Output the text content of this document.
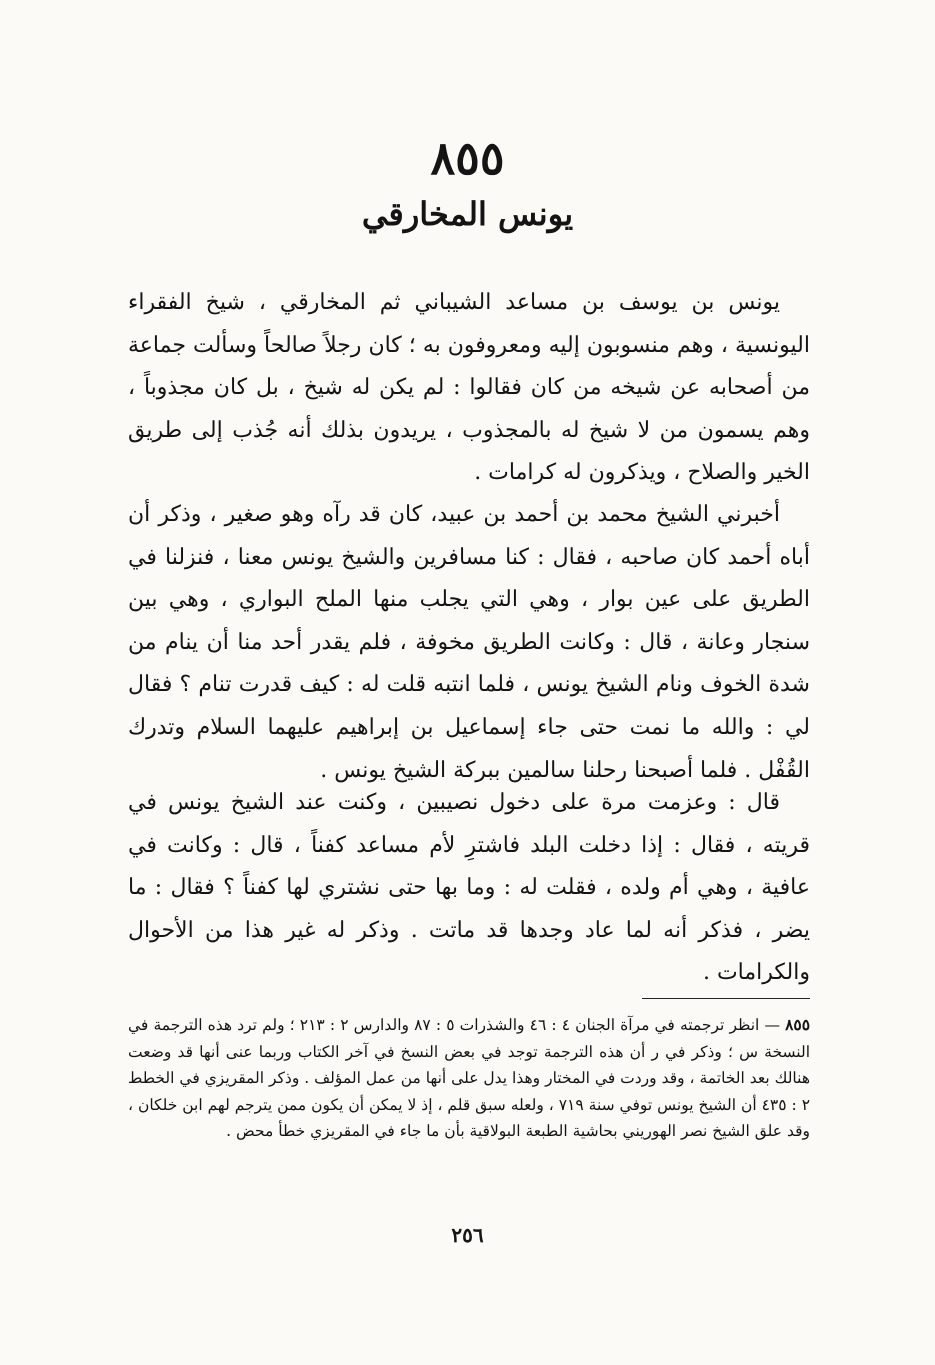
٨٥٥
يونس المخارقي

يونس بن يوسف بن مساعد الشيباني ثم المخارقي ، شيخ الفقراء اليونسية ، وهم منسوبون إليه ومعروفون به ؛ كان رجلاً صالحاً وسألت جماعة من أصحابه عن شيخه من كان فقالوا : لم يكن له شيخ ، بل كان مجذوباً ، وهم يسمون من لا شيخ له بالمجذوب ، يريدون بذلك أنه جُذب إلى طريق الخير والصلاح ، ويذكرون له كرامات .

أخبرني الشيخ محمد بن أحمد بن عبيد، كان قد رآه وهو صغير ، وذكر أن أباه أحمد كان صاحبه ، فقال : كنا مسافرين والشيخ يونس معنا ، فنزلنا في الطريق على عين بوار ، وهي التي يجلب منها الملح البواري ، وهي بين سنجار وعانة ، قال : وكانت الطريق مخوفة ، فلم يقدر أحد منا أن ينام من شدة الخوف ونام الشيخ يونس ، فلما انتبه قلت له : كيف قدرت تنام ؟ فقال لي : والله ما نمت حتى جاء إسماعيل بن إبراهيم عليهما السلام وتدرك القُفْل . فلما أصبحنا رحلنا سالمين ببركة الشيخ يونس .

قال : وعزمت مرة على دخول نصيبين ، وكنت عند الشيخ يونس في قريته ، فقال : إذا دخلت البلد فاشترِ لأم مساعد كفناً ، قال : وكانت في عافية ، وهي أم ولده ، فقلت له : وما بها حتى نشتري لها كفناً ؟ فقال : ما يضر ، فذكر أنه لما عاد وجدها قد ماتت . وذكر له غير هذا من الأحوال والكرامات .

٨٥٥ — انظر ترجمته في مرآة الجنان ٤ : ٤٦ والشذرات ٥ : ٨٧ والدارس ٢ : ٢١٣ ؛ ولم ترد هذه الترجمة في النسخة س ؛ وذكر في ر أن هذه الترجمة توجد في بعض النسخ في آخر الكتاب وربما عنى أنها قد وضعت هنالك بعد الخاتمة ، وقد وردت في المختار وهذا يدل على أنها من عمل المؤلف . وذكر المقريزي في الخطط ٢ : ٤٣٥ أن الشيخ يونس توفي سنة ٧١٩ ، ولعله سبق قلم ، إذ لا يمكن أن يكون ممن يترجم لهم ابن خلكان ، وقد علق الشيخ نصر الهوريني بحاشية الطبعة البولاقية بأن ما جاء في المقريزي خطأ محض .
٢٥٦
